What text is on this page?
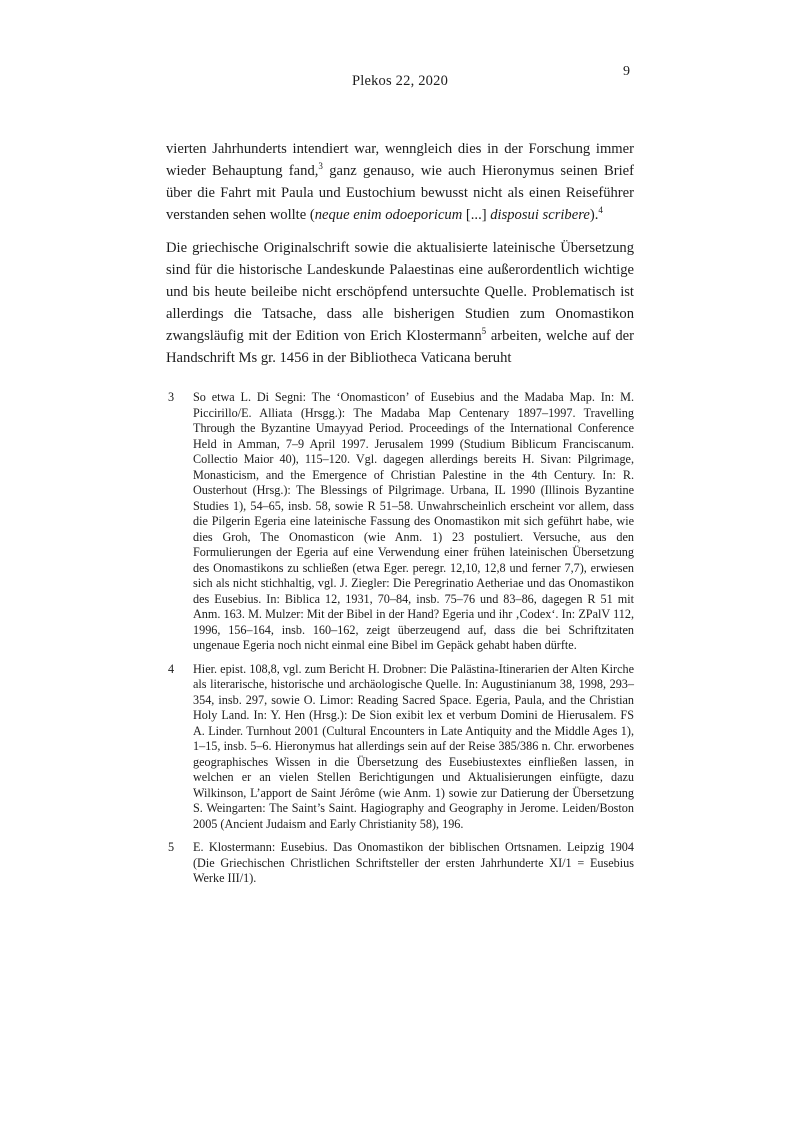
9
Plekos 22, 2020

vierten Jahrhunderts intendiert war, wenngleich dies in der Forschung immer wieder Behauptung fand,$^3$ ganz genauso, wie auch Hieronymus seinen Brief über die Fahrt mit Paula und Eustochium bewusst nicht als einen Reiseführer verstanden sehen wollte (neque enim odoeporicum [...] disposui scribere).$^4$

Die griechische Originalschrift sowie die aktualisierte lateinische Übersetzung sind für die historische Landeskunde Palaestinas eine außerordentlich wichtige und bis heute beileibe nicht erschöpfend untersuchte Quelle. Problematisch ist allerdings die Tatsache, dass alle bisherigen Studien zum Onomastikon zwangsläufig mit der Edition von Erich Klostermann$^5$ arbeiten, welche auf der Handschrift Ms gr. 1456 in der Bibliotheca Vaticana beruht

3 So etwa L. Di Segni: The ‘Onomasticon’ of Eusebius and the Madaba Map. In: M. Piccirillo/E. Alliata (Hrsgg.): The Madaba Map Centenary 1897–1997. Travelling Through the Byzantine Umayyad Period. Proceedings of the International Conference Held in Amman, 7–9 April 1997. Jerusalem 1999 (Studium Biblicum Franciscanum. Collectio Maior 40), 115–120. Vgl. dagegen allerdings bereits H. Sivan: Pilgrimage, Monasticism, and the Emergence of Christian Palestine in the 4th Century. In: R. Ousterhout (Hrsg.): The Blessings of Pilgrimage. Urbana, IL 1990 (Illinois Byzantine Studies 1), 54–65, insb. 58, sowie R 51–58. Unwahrscheinlich erscheint vor allem, dass die Pilgerin Egeria eine lateinische Fassung des Onomastikon mit sich geführt habe, wie dies Groh, The Onomasticon (wie Anm. 1) 23 postuliert. Versuche, aus den Formulierungen der Egeria auf eine Verwendung einer frühen lateinischen Übersetzung des Onomastikons zu schließen (etwa Eger. peregr. 12,10, 12,8 und ferner 7,7), erwiesen sich als nicht stichhaltig, vgl. J. Ziegler: Die Peregrinatio Aetheriae und das Onomastikon des Eusebius. In: Biblica 12, 1931, 70–84, insb. 75–76 und 83–86, dagegen R 51 mit Anm. 163. M. Mulzer: Mit der Bibel in der Hand? Egeria und ihr ‚Codex‘. In: ZPalV 112, 1996, 156–164, insb. 160–162, zeigt überzeugend auf, dass die bei Schriftzitaten ungenaue Egeria noch nicht einmal eine Bibel im Gepäck gehabt haben dürfte.
4 Hier. epist. 108,8, vgl. zum Bericht H. Drobner: Die Palästina-Itinerarien der Alten Kirche als literarische, historische und archäologische Quelle. In: Augustinianum 38, 1998, 293–354, insb. 297, sowie O. Limor: Reading Sacred Space. Egeria, Paula, and the Christian Holy Land. In: Y. Hen (Hrsg.): De Sion exibit lex et verbum Domini de Hierusalem. FS A. Linder. Turnhout 2001 (Cultural Encounters in Late Antiquity and the Middle Ages 1), 1–15, insb. 5–6. Hieronymus hat allerdings sein auf der Reise 385/386 n. Chr. erworbenes geographisches Wissen in die Übersetzung des Eusebiustextes einfließen lassen, in welchen er an vielen Stellen Berichtigungen und Aktualisierungen einfügte, dazu Wilkinson, L’apport de Saint Jérôme (wie Anm. 1) sowie zur Datierung der Übersetzung S. Weingarten: The Saint’s Saint. Hagiography and Geography in Jerome. Leiden/Boston 2005 (Ancient Judaism and Early Christianity 58), 196.
5 E. Klostermann: Eusebius. Das Onomastikon der biblischen Ortsnamen. Leipzig 1904 (Die Griechischen Christlichen Schriftsteller der ersten Jahrhunderte XI/1 = Eusebius Werke III/1).
